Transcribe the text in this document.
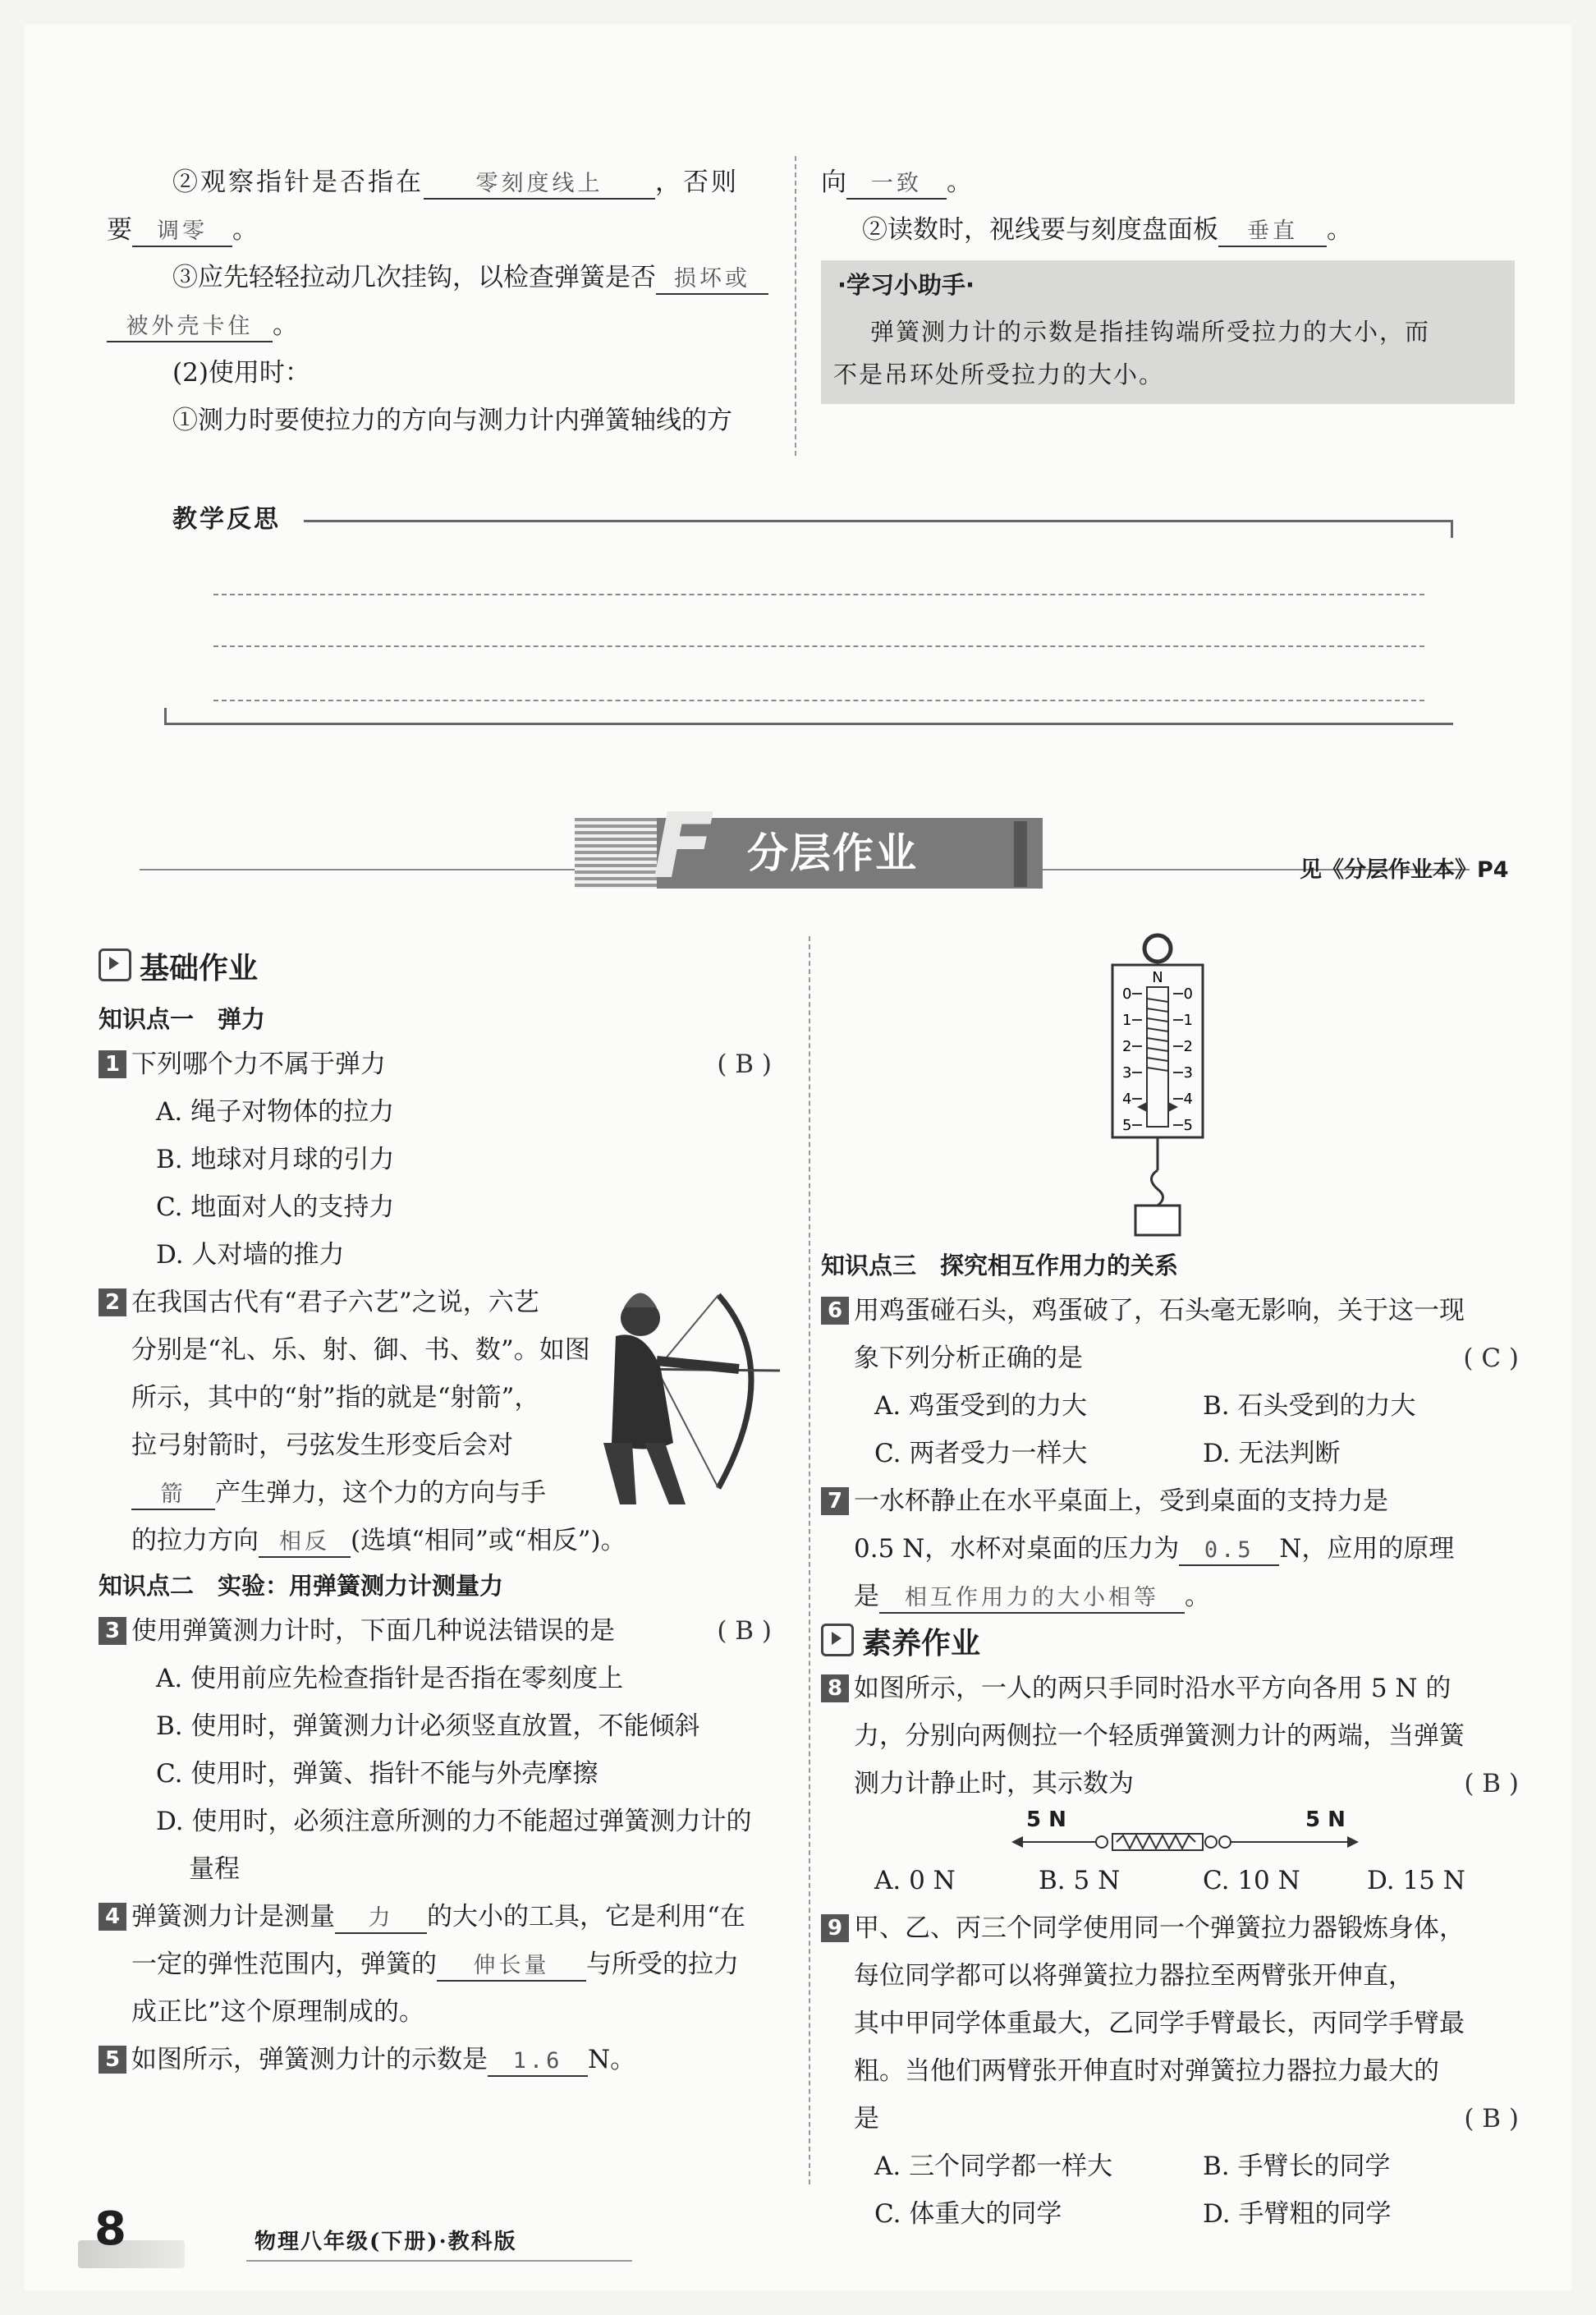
②观察指针是否指在 零刻度线上 ，否则
要 调零 。
③应先轻轻拉动几次挂钩，以检查弹簧是否 损坏或
被外壳卡住 。
(2)使用时：
①测力时要使拉力的方向与测力计内弹簧轴线的方
向 一致 。
②读数时，视线要与刻度盘面板 垂直 。
·学习小助手·
弹簧测力计的示数是指挂钩端所受拉力的大小，而
不是吊环处所受拉力的大小。
教学反思
F 分层作业	见《分层作业本》P4
基础作业
知识点一　弹力
1 下列哪个力不属于弹力	( B )
A. 绳子对物体的拉力
B. 地球对月球的引力
C. 地面对人的支持力
D. 人对墙的推力
2 在我国古代有“君子六艺”之说，六艺
分别是“礼、乐、射、御、书、数”。如图
所示，其中的“射”指的就是“射箭”，
拉弓射箭时，弓弦发生形变后会对
箭 产生弹力，这个力的方向与手
的拉力方向 相反 (选填“相同”或“相反”)。
知识点二　实验：用弹簧测力计测量力
3 使用弹簧测力计时，下面几种说法错误的是	( B )
A. 使用前应先检查指针是否指在零刻度上
B. 使用时，弹簧测力计必须竖直放置，不能倾斜
C. 使用时，弹簧、指针不能与外壳摩擦
D. 使用时，必须注意所测的力不能超过弹簧测力计的
量程
4 弹簧测力计是测量 力 的大小的工具，它是利用“在
一定的弹性范围内，弹簧的 伸长量 与所受的拉力
成正比”这个原理制成的。
5 如图所示，弹簧测力计的示数是 1.6 N。
N
0	0
1	1
2	2
3	3
4	4
5	5
知识点三　探究相互作用力的关系
6 用鸡蛋碰石头，鸡蛋破了，石头毫无影响，关于这一现
象下列分析正确的是	( C )
A. 鸡蛋受到的力大	B. 石头受到的力大
C. 两者受力一样大	D. 无法判断
7 一水杯静止在水平桌面上，受到桌面的支持力是
0.5 N，水杯对桌面的压力为 0.5 N，应用的原理
是 相互作用力的大小相等 。
素养作业
8 如图所示，一人的两只手同时沿水平方向各用 5 N 的
力，分别向两侧拉一个轻质弹簧测力计的两端，当弹簧
测力计静止时，其示数为	( B )
5 N	5 N
A. 0 N	B. 5 N	C. 10 N	D. 15 N
9 甲、乙、丙三个同学使用同一个弹簧拉力器锻炼身体，
每位同学都可以将弹簧拉力器拉至两臂张开伸直，
其中甲同学体重最大，乙同学手臂最长，丙同学手臂最
粗。当他们两臂张开伸直时对弹簧拉力器拉力最大的
是	( B )
A. 三个同学都一样大	B. 手臂长的同学
C. 体重大的同学	D. 手臂粗的同学
8	物理八年级(下册)·教科版
